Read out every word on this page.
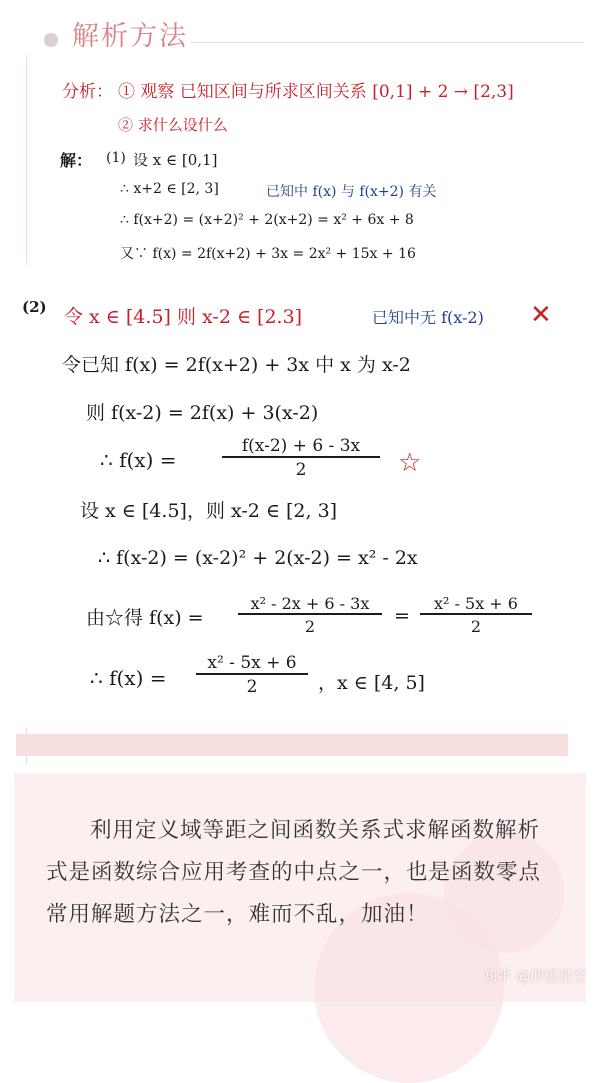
解析方法
分析： ① 观察 已知区间与所求区间关系 [0,1] + 2 → [2,3]
② 求什么设什么
解： (1) 设 x ∈ [0,1]
∴ x+2 ∈ [2, 3]	已知中 f(x) 与 f(x+2) 有关
∴ f(x+2) = (x+2)² + 2(x+2) = x² + 6x + 8
又∵ f(x) = 2f(x+2) + 3x = 2x² + 15x + 16
(2) 令 x ∈ [4.5] 则 x-2 ∈ [2.3]	已知中无 f(x-2) ✕
令已知 f(x) = 2f(x+2) + 3x 中 x 为 x-2
则 f(x-2) = 2f(x) + 3(x-2)
∴ f(x) =	$\frac{f(x-2) + 6 - 3x}{2}$ ☆
设 x ∈ [4.5]，则 x-2 ∈ [2, 3]
∴ f(x-2) = (x-2)² + 2(x-2) = x² - 2x
由☆得 $f(x) = \frac{\text{x² - 2x + 6 - 3x}}{2} = \frac{\text{x² - 5x + 6}}{2}$
∴ $f(x) = \frac{\text{x² - 5x + 6}}{2}$ ，x ∈ [4, 5]
利用定义域等距之间函数关系式求解函数解析式是函数综合应用考查的中点之一，也是函数零点常用解题方法之一，难而不乱，加油！
知乎 @仰望星空
